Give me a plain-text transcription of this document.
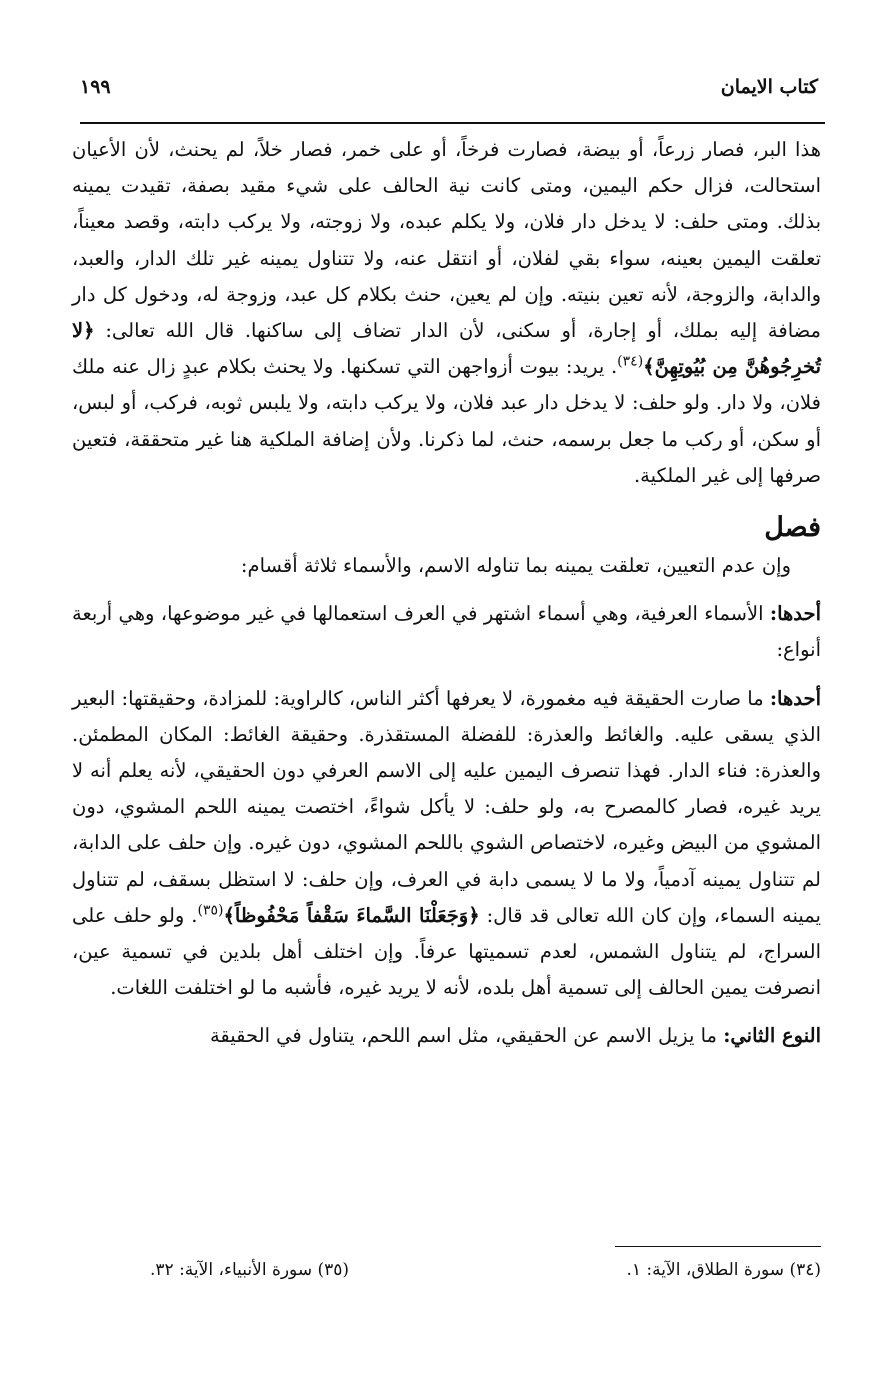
كتاب الايمان
١٩٩

هذا البر، فصار زرعاً، أو بيضة، فصارت فرخاً، أو على خمر، فصار خلاً، لم يحنث، لأن الأعيان استحالت، فزال حكم اليمين، ومتى كانت نية الحالف على شيء مقيد بصفة، تقيدت يمينه بذلك. ومتى حلف: لا يدخل دار فلان، ولا يكلم عبده، ولا زوجته، ولا يركب دابته، وقصد معيناً، تعلقت اليمين بعينه، سواء بقي لفلان، أو انتقل عنه، ولا تتناول يمينه غير تلك الدار، والعبد، والدابة، والزوجة، لأنه تعين بنيته. وإن لم يعين، حنث بكلام كل عبد، وزوجة له، ودخول كل دار مضافة إليه بملك، أو إجارة، أو سكنى، لأن الدار تضاف إلى ساكنها. قال الله تعالى: ﴿لا تُخرِجُوهُنَّ مِن بُيُوتِهِنَّ﴾$^{(٣٤)}$. يريد: بيوت أزواجهن التي تسكنها. ولا يحنث بكلام عبدٍ زال عنه ملك فلان، ولا دار. ولو حلف: لا يدخل دار عبد فلان، ولا يركب دابته، ولا يلبس ثوبه، فركب، أو لبس، أو سكن، أو ركب ما جعل برسمه، حنث، لما ذكرنا. ولأن إضافة الملكية هنا غير متحققة، فتعين صرفها إلى غير الملكية.

فصل

وإن عدم التعيين، تعلقت يمينه بما تناوله الاسم، والأسماء ثلاثة أقسام:

أحدها: الأسماء العرفية، وهي أسماء اشتهر في العرف استعمالها في غير موضوعها، وهي أربعة أنواع:

أحدها: ما صارت الحقيقة فيه مغمورة، لا يعرفها أكثر الناس، كالراوية: للمزادة، وحقيقتها: البعير الذي يسقى عليه. والغائط والعذرة: للفضلة المستقذرة. وحقيقة الغائط: المكان المطمئن. والعذرة: فناء الدار. فهذا تنصرف اليمين عليه إلى الاسم العرفي دون الحقيقي، لأنه يعلم أنه لا يريد غيره، فصار كالمصرح به، ولو حلف: لا يأكل شواءً، اختصت يمينه اللحم المشوي، دون المشوي من البيض وغيره، لاختصاص الشوي باللحم المشوي، دون غيره. وإن حلف على الدابة، لم تتناول يمينه آدمياً، ولا ما لا يسمى دابة في العرف، وإن حلف: لا استظل بسقف، لم تتناول يمينه السماء، وإن كان الله تعالى قد قال: ﴿وَجَعَلْنَا السَّماءَ سَقْفاً مَحْفُوظاً﴾$^{(٣٥)}$. ولو حلف على السراج، لم يتناول الشمس، لعدم تسميتها عرفاً. وإن اختلف أهل بلدين في تسمية عين، انصرفت يمين الحالف إلى تسمية أهل بلده، لأنه لا يريد غيره، فأشبه ما لو اختلفت اللغات.

النوع الثاني: ما يزيل الاسم عن الحقيقي، مثل اسم اللحم، يتناول في الحقيقة

(٣٤) سورة الطلاق، الآية: ١.
(٣٥) سورة الأنبياء، الآية: ٣٢.
